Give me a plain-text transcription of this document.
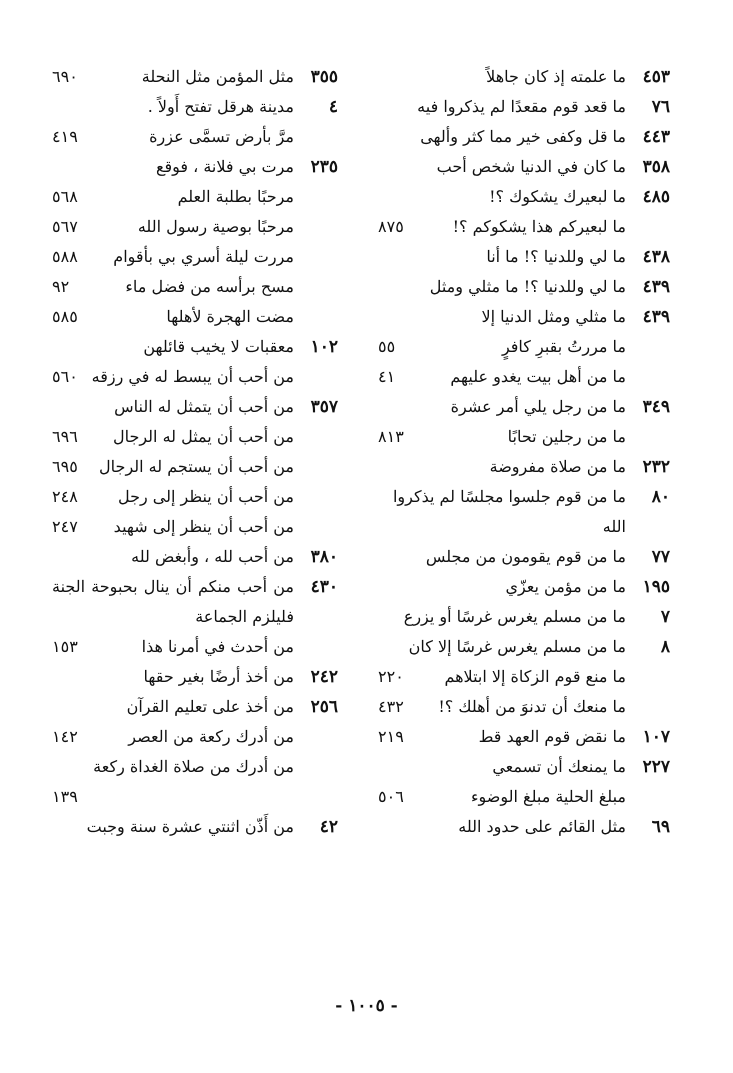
٤٥٣
ما علمته إذ كان جاهلاً
٧٦
ما قعد قوم مقعدًا لم يذكروا فيه
٤٤٣
ما قل وكفى خير مما كثر وألهى
٣٥٨
ما كان في الدنيا شخص أحب
٤٨٥
ما لبعيرك يشكوك ؟!
ما لبعيركم هذا يشكوكم ؟!
٨٧٥
٤٣٨
ما لي وللدنيا ؟! ما أنا
٤٣٩
ما لي وللدنيا ؟! ما مثلي ومثل
٤٣٩
ما مثلي ومثل الدنيا إلا
ما مررتُ بقبرِ كافرٍ
٥٥
ما من أهل بيت يغدو عليهم
٤١
٣٤٩
ما من رجل يلي أمر عشرة
ما من رجلين تحابًا
٨١٣
٢٣٢
ما من صلاة مفروضة
٨٠
ما من قوم جلسوا مجلسًا لم يذكروا الله
٧٧
ما من قوم يقومون من مجلس
١٩٥
ما من مؤمن يعزّي
٧
ما من مسلم يغرس غرسًا أو يزرع
٨
ما من مسلم يغرس غرسًا إلا كان
ما منع قوم الزكاة إلا ابتلاهم
٢٢٠
ما منعك أن تدنوَ من أهلك ؟!
٤٣٢
١٠٧
ما نقض قوم العهد قط
٢١٩
٢٢٧
ما يمنعك أن تسمعي
مبلغ الحلية مبلغ الوضوء
٥٠٦
٦٩
مثل القائم على حدود الله
٣٥٥
مثل المؤمن مثل النحلة
٦٩٠
٤
مدينة هرقل تفتح أَولاً .
مرَّ بأرض تسمَّى عزرة
٤١٩
٢٣٥
مرت بي فلانة ، فوقع
مرحبًا بطلبة العلم
٥٦٨
مرحبًا بوصية رسول الله
٥٦٧
مررت ليلة أسري بي بأقوام
٥٨٨
مسح برأسه من فضل ماء
٩٢
مضت الهجرة لأهلها
٥٨٥
١٠٢
معقبات لا يخيب قائلهن
من أحب أن يبسط له في رزقه
٥٦٠
٣٥٧
من أحب أن يتمثل له الناس
من أحب أن يمثل له الرجال
٦٩٦
من أحب أن يستجم له الرجال
٦٩٥
من أحب أن ينظر إلى رجل
٢٤٨
من أحب أن ينظر إلى شهيد
٢٤٧
٣٨٠
من أحب لله ، وأبغض لله
٤٣٠
من أحب منكم أن ينال بحبوحة الجنة فليلزم الجماعة
من أحدث في أمرنا هذا
١٥٣
٢٤٢
من أخذ أرضًا بغير حقها
٢٥٦
من أخذ على تعليم القرآن
من أدرك ركعة من العصر
١٤٢
من أدرك من صلاة الغداة ركعة
١٣٩
٤٢
من أَذّن اثنتي عشرة سنة وجبت
- ١٠٠٥ -
